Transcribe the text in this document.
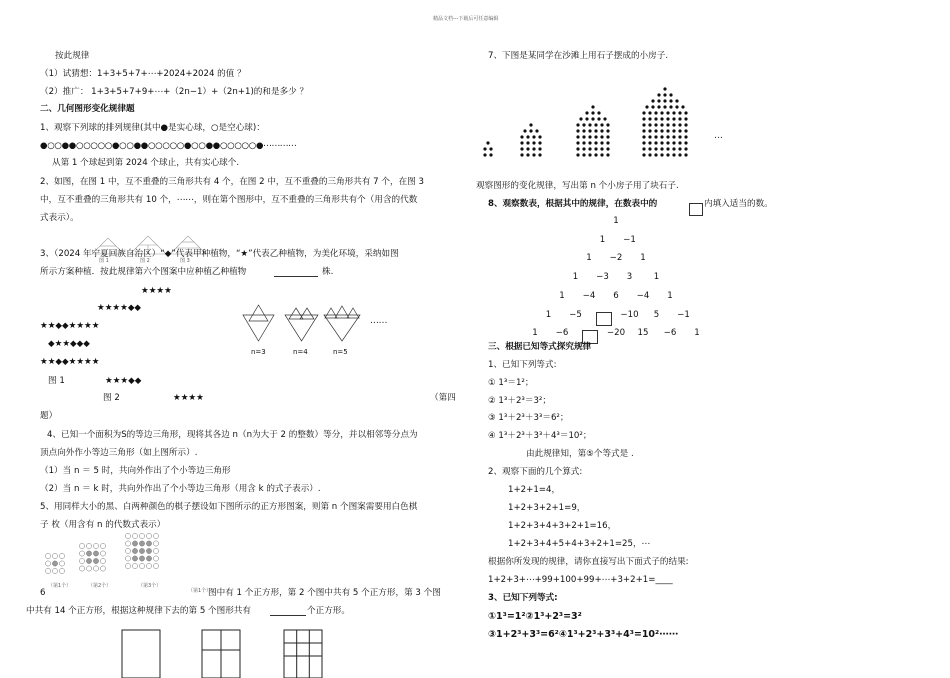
精品文档---下载后可任意编辑
按此规律
（1）试猜想：1+3+5+7+⋯+2024+2024 的值 ？
（2）推广： 1+3+5+7+9+⋯+（2n−1）+（2n+1)的和是多少 ？
二、几何图形变化规律题
1、观察下列球的排列规律(其中●是实心球，○是空心球)：
●○○●●○○○○○●○○●●○○○○○●○○●●○○○○○●⋯⋯⋯⋯
从第 1 个球起到第 2024 个球止，共有实心球个.
2、如图，在图 1 中，互不重叠的三角形共有 4 个，在图 2 中，互不重叠的三角形共有 7 个，在图 3
中，互不重叠的三角形共有 10 个，⋯⋯，则在第个图形中，互不重叠的三角形共有个（用含的代数
式表示）。
图 1	图 2	图 3
3、（2024 年宁夏回族自治区）“◆”代表甲种植物，“★”代表乙种植物，为美化环境，采纳如图
所示方案种植．按此规律第六个图案中应种植乙种植物	株.
★★★★
★★★★◆◆
★★◆◆★★★★
◆★★◆◆◆
★★◆◆★★★★
图 1	★★★◆◆
图 2	★★★★	（第四
题）
⋯⋯
n=3	n=4	n=5
4、已知一个面积为S的等边三角形，现将其各边 n（n为大于 2 的整数）等分，并以相邻等分点为
顶点向外作小等边三角形（如上图所示）.
（1）当 n ＝ 5 时，共向外作出了个小等边三角形
（2）当 n ＝ k 时，共向外作出了个小等边三角形（用含 k 的式子表示）.
5、用同样大小的黑、白两种颜色的棋子摆设如下图所示的正方形图案，则第 n 个图案需要用白色棋
子 枚（用含有 n 的代数式表示）
（第1个）	（第2个）	（第3个）
6	（第1个）
图中有 1 个正方形，第 2 个图中共有 5 个正方形，第 3 个图
中共有 14 个正方形，根据这种规律下去的第 5 个图形共有	个正方形。
7、下图是某同学在沙滩上用石子摆成的小房子.
⋯
观察图形的变化规律，写出第 n 个小房子用了块石子.
8、观察数表，根据其中的规律，在数表中的	内填入适当的数。
1
1	−1
1	−2	1
1	−3	3	1
1	−4	6	−4	1
1	−5	−10	5	−1
1	−6	−20	15	−6	1
三、根据已知等式探究规律
1、已知下列等式:
① 1³＝1²；
② 1³＋2³＝3²；
③ 1³＋2³＋3³＝6²；
④ 1³＋2³＋3³＋4³＝10²；
由此规律知，第⑤个等式是 .
2、观察下面的几个算式:
1+2+1=4，
1+2+3+2+1=9，
1+2+3+4+3+2+1=16，
1+2+3+4+5+4+3+2+1=25，⋯
根据你所发现的规律，请你直接写出下面式子的结果:
1+2+3+⋯+99+100+99+⋯+3+2+1=____
3、已知下列等式:
①1³=1²②1³+2³=3²
③1+2³+3³=6²④1³+2³+3³+4³=10²⋯⋯
